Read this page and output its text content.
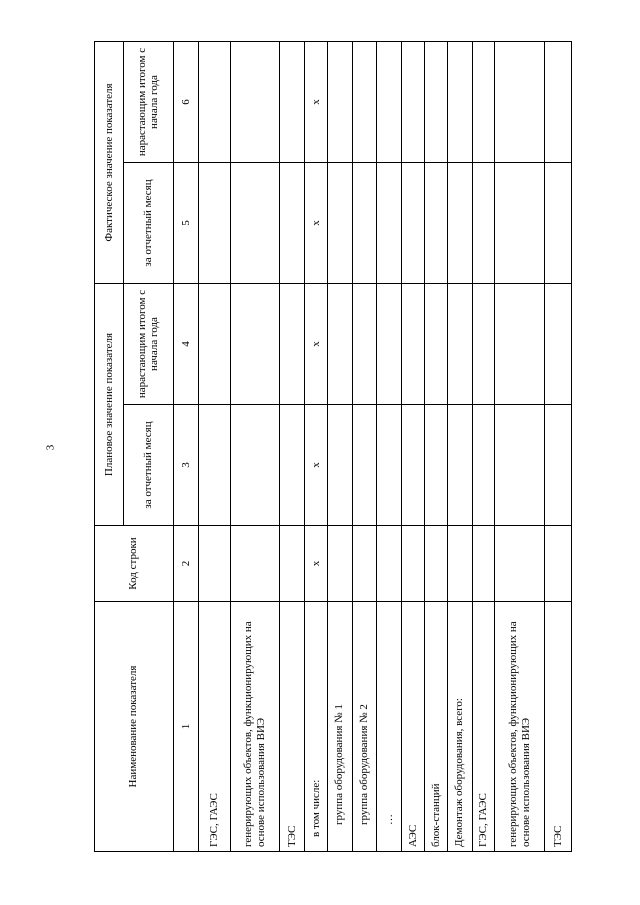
3
Наименование показателя	Код строки	Плановое значение показателя		Фактическое значение показателя	
		за отчетный месяц	нарастающим итогом с начала года	за отчетный месяц	нарастающим итогом с начала года
1	2	3	4	5	6
ГЭС, ГАЭС					
генерирующих объектов, функционирующих на основе использования ВИЭ					
ТЭС					
в том числе:	х	х	х	х	х
группа оборудования № 1					
группа оборудования № 2					
…					
АЭС					
блок-станций					
Демонтаж оборудования, всего:					
ГЭС, ГАЭС					
генерирующих объектов, функционирующих на основе использования ВИЭ					
ТЭС					
